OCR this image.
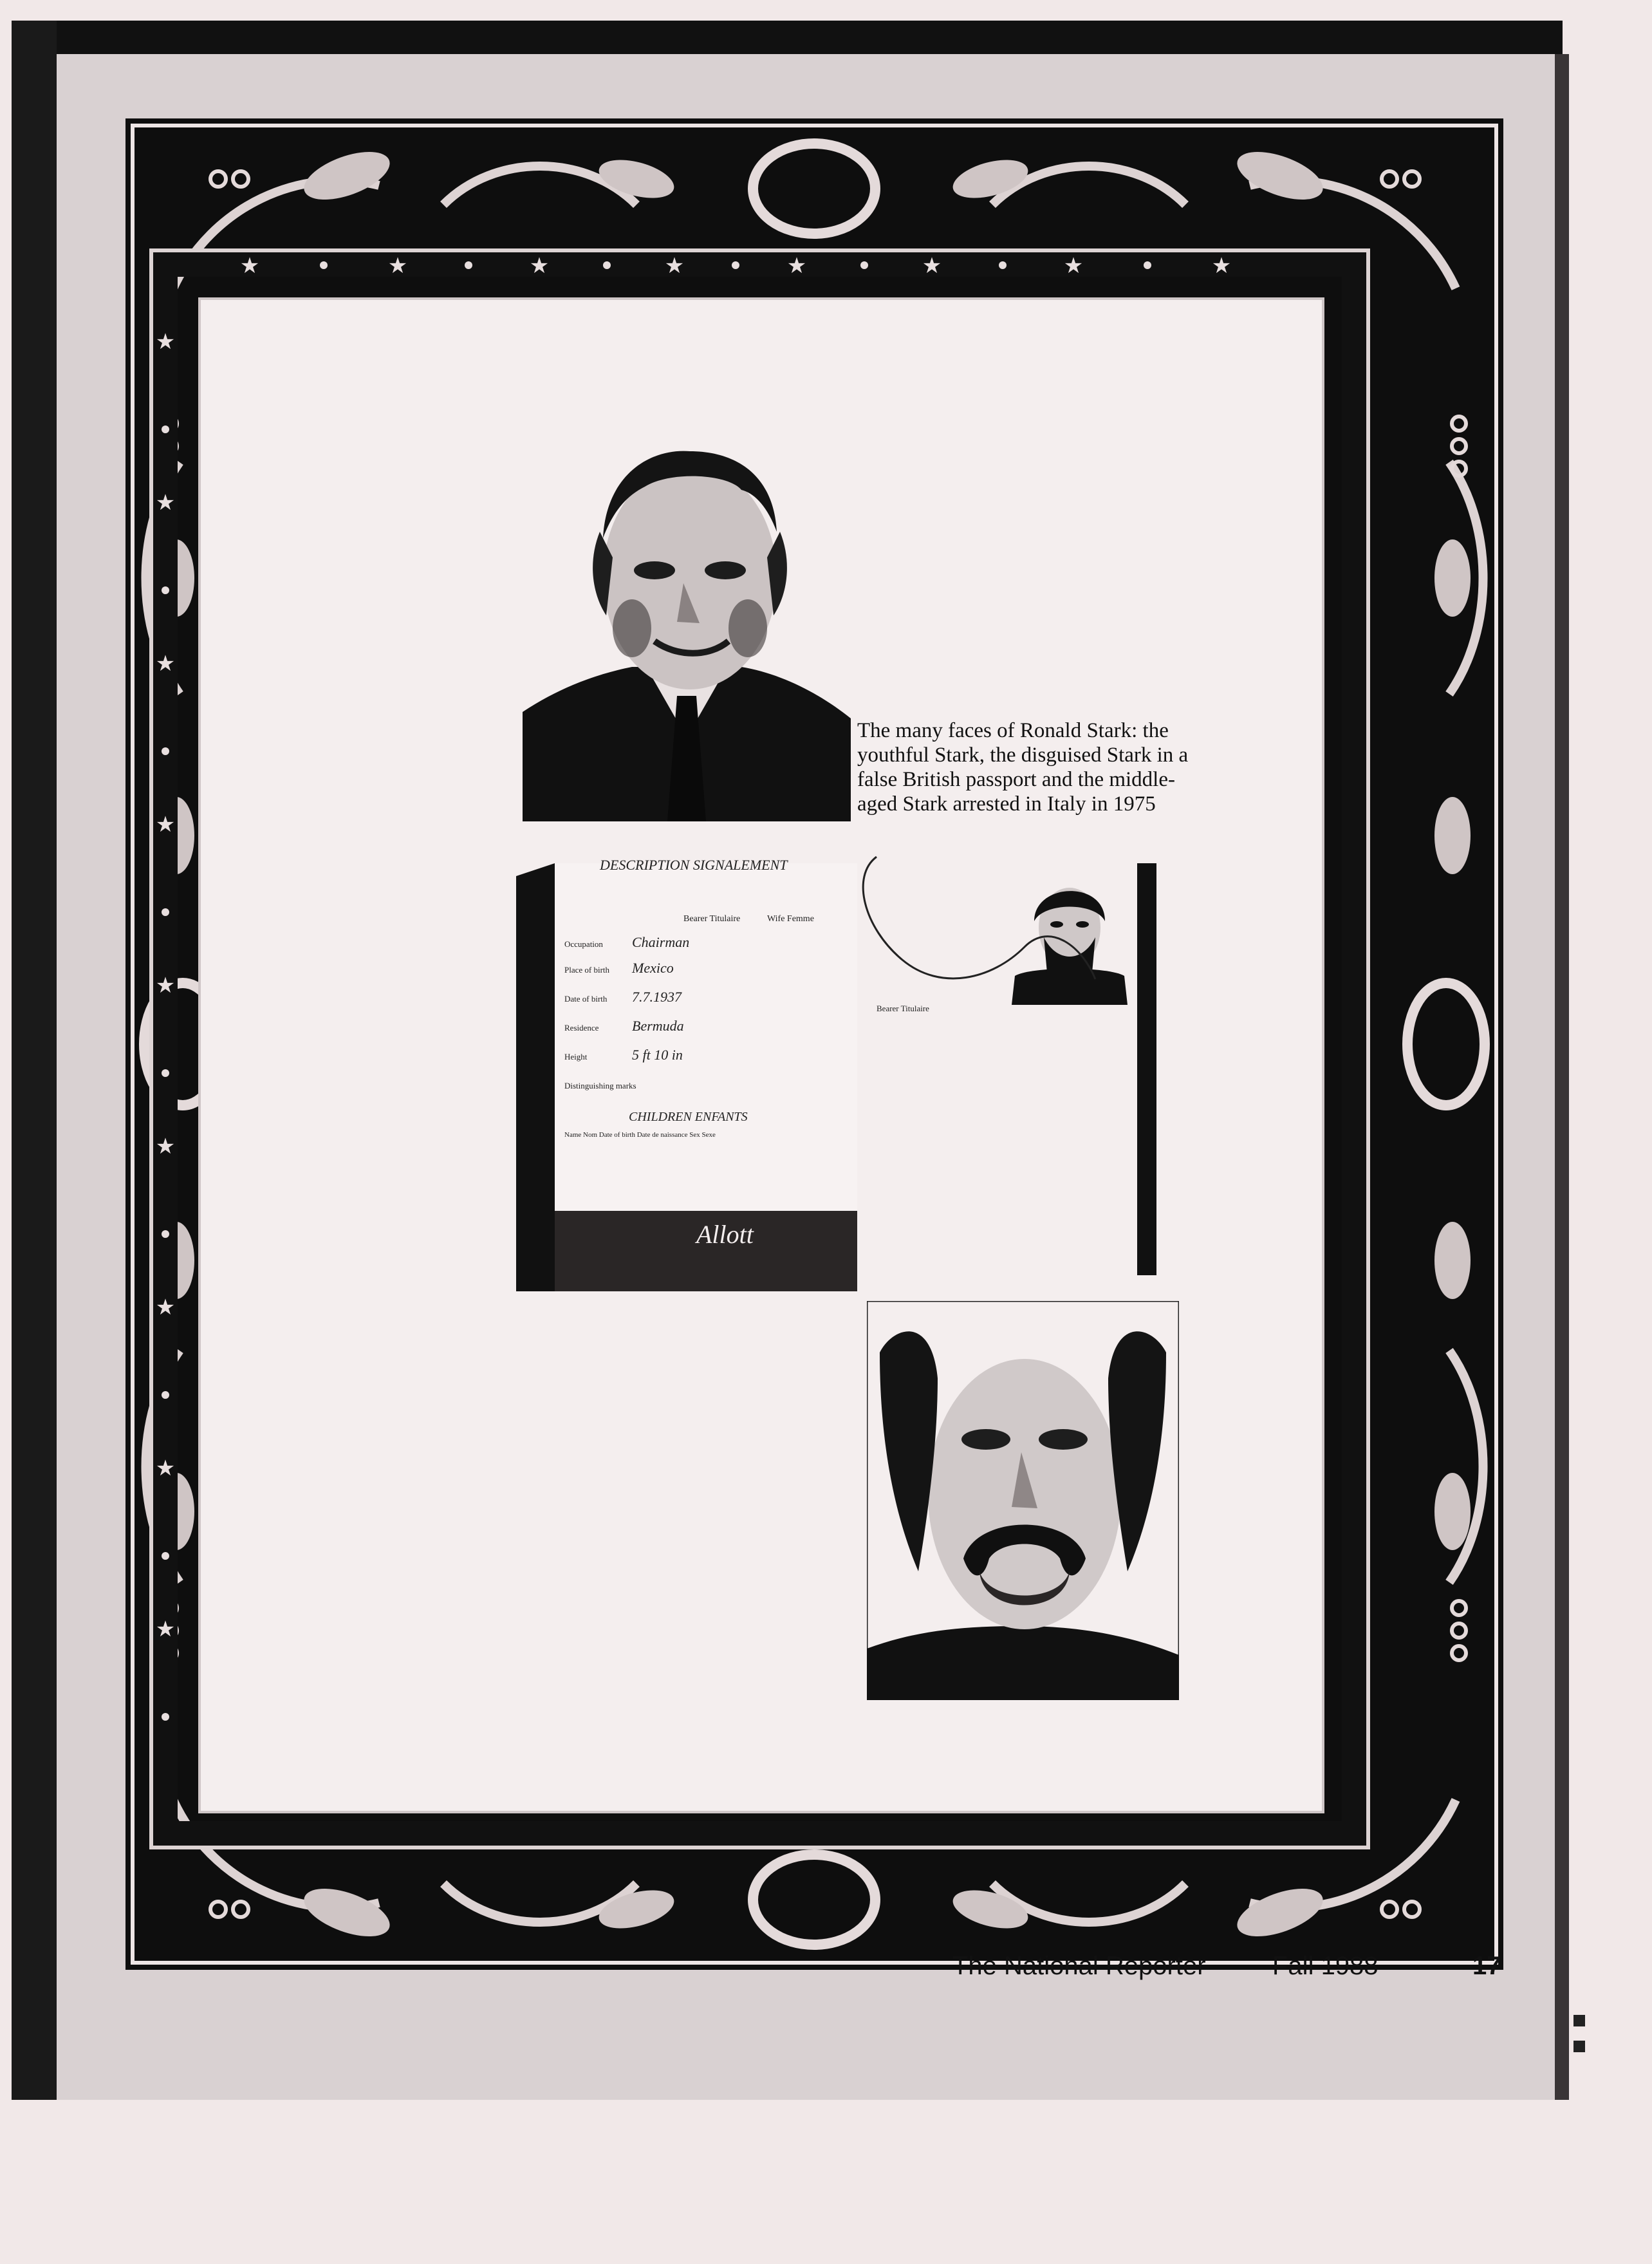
★	★	★	★	★	★	★	★
★
★
★
★
★
★
★
★
★
The many faces of Ronald Stark: the youthful Stark, the disguised Stark in a false British passport and the middle-aged Stark arrested in Italy in 1975
DESCRIPTION SIGNALEMENT
Bearer Titulaire	Wife Femme
Occupation Chairman
Place of birth Mexico
Date of birth 7.7.1937
Residence Bermuda
Height	5 ft 10 in
Distinguishing marks
CHILDREN ENFANTS
Name Nom Date of birth Date de naissance Sex Sexe
Bearer Titulaire
Allott
The National Reporter	Fall 1988	17
